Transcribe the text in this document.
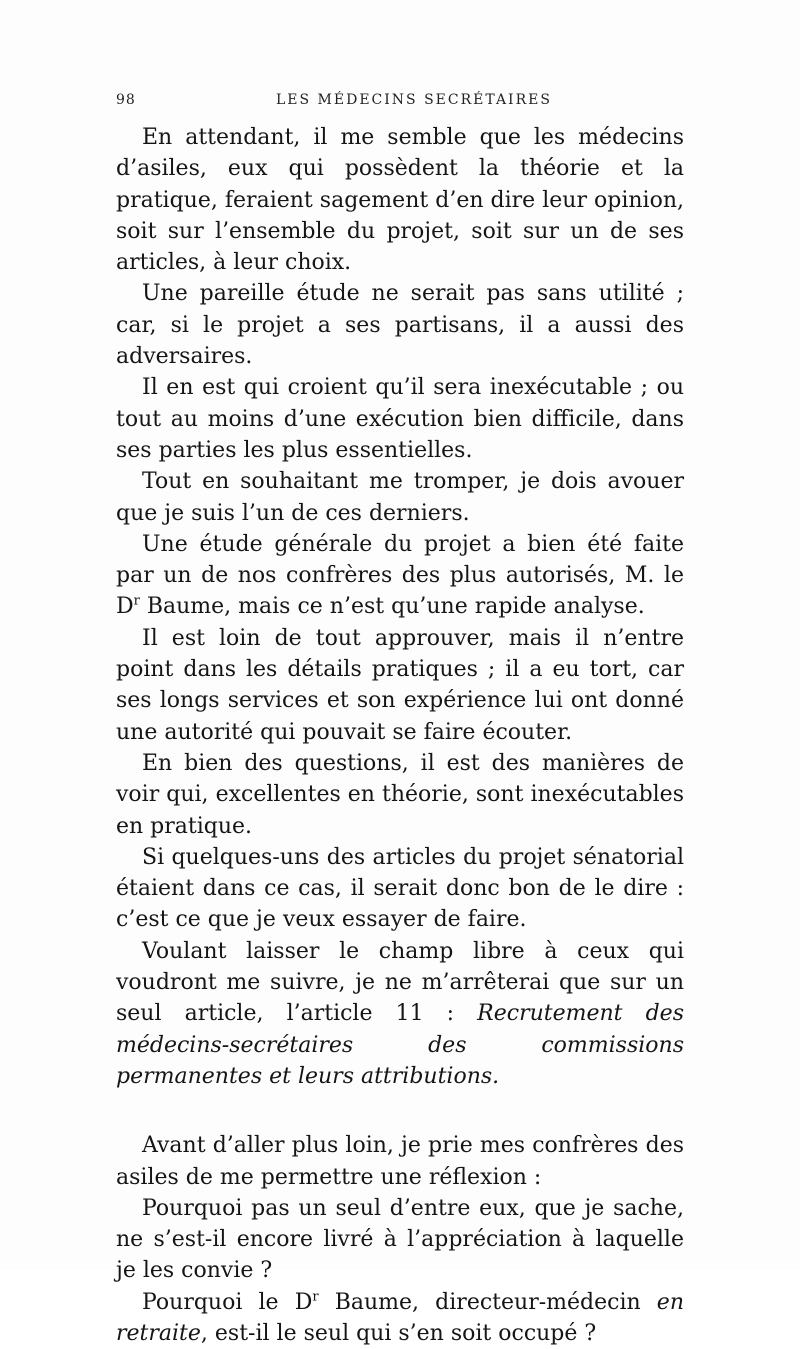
98	LES MÉDECINS SECRÉTAIRES

En attendant, il me semble que les médecins d’asiles, eux qui possèdent la théorie et la pratique, feraient sagement d’en dire leur opinion, soit sur l’ensemble du projet, soit sur un de ses articles, à leur choix.

Une pareille étude ne serait pas sans utilité ; car, si le projet a ses partisans, il a aussi des adversaires.

Il en est qui croient qu’il sera inexécutable ; ou tout au moins d’une exécution bien difficile, dans ses parties les plus essentielles.

Tout en souhaitant me tromper, je dois avouer que je suis l’un de ces derniers.

Une étude générale du projet a bien été faite par un de nos confrères des plus autorisés, M. le $D^r$ Baume, mais ce n’est qu’une rapide analyse.

Il est loin de tout approuver, mais il n’entre point dans les détails pratiques ; il a eu tort, car ses longs services et son expérience lui ont donné une autorité qui pouvait se faire écouter.

En bien des questions, il est des manières de voir qui, excellentes en théorie, sont inexécutables en pratique.

Si quelques-uns des articles du projet sénatorial étaient dans ce cas, il serait donc bon de le dire : c’est ce que je veux essayer de faire.

Voulant laisser le champ libre à ceux qui voudront me suivre, je ne m’arrêterai que sur un seul article, l’article 11 : Recrutement des médecins-secrétaires des commissions permanentes et leurs attributions.

Avant d’aller plus loin, je prie mes confrères des asiles de me permettre une réflexion :

Pourquoi pas un seul d’entre eux, que je sache, ne s’est-il encore livré à l’appréciation à laquelle je les convie ?

Pourquoi le $D^r$ Baume, directeur-médecin en retraite, est-il le seul qui s’en soit occupé ?
